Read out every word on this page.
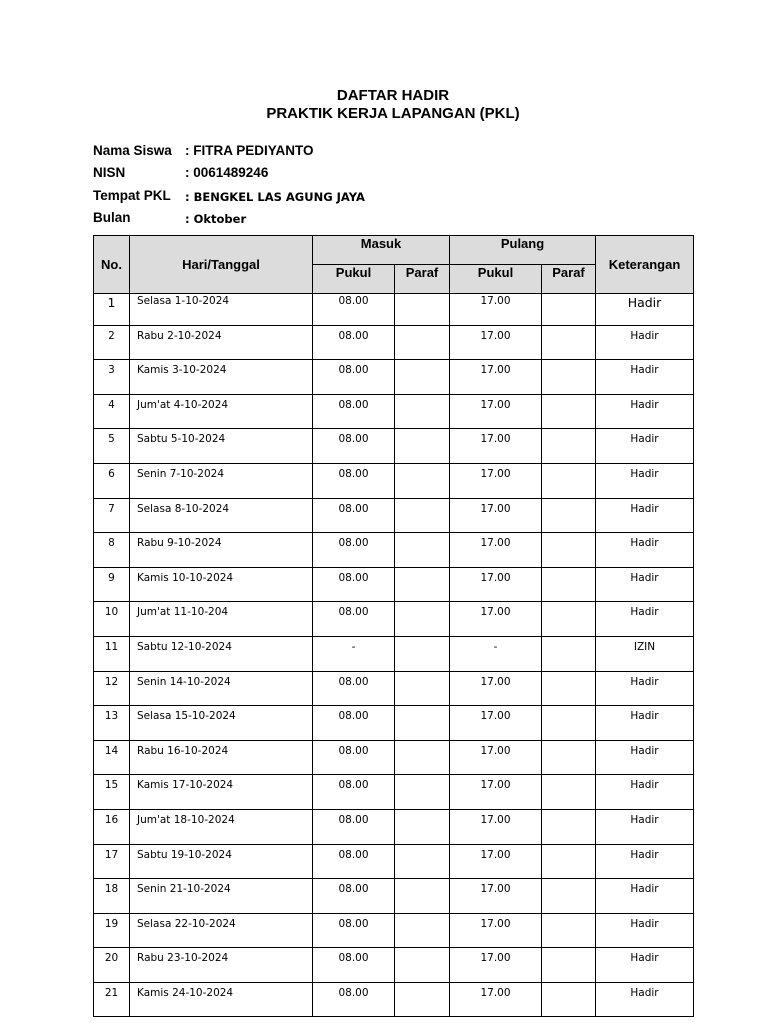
DAFTAR HADIR
PRAKTIK KERJA LAPANGAN (PKL)
Nama Siswa : FITRA PEDIYANTO
NISN	: 0061489246
Tempat PKL : BENGKEL LAS AGUNG JAYA
Bulan	: Oktober
No.	Hari/Tanggal	Masuk		Pulang		Keterangan
		Pukul	Paraf	Pukul	Paraf	
1	Selasa 1-10-2024	08.00		17.00		Hadir
2	Rabu 2-10-2024	08.00		17.00		Hadir
3	Kamis 3-10-2024	08.00		17.00		Hadir
4	Jum'at 4-10-2024	08.00		17.00		Hadir
5	Sabtu 5-10-2024	08.00		17.00		Hadir
6	Senin 7-10-2024	08.00		17.00		Hadir
7	Selasa 8-10-2024	08.00		17.00		Hadir
8	Rabu 9-10-2024	08.00		17.00		Hadir
9	Kamis 10-10-2024	08.00		17.00		Hadir
10	Jum'at 11-10-204	08.00		17.00		Hadir
11	Sabtu 12-10-2024	-		-		IZIN
12	Senin 14-10-2024	08.00		17.00		Hadir
13	Selasa 15-10-2024	08.00		17.00		Hadir
14	Rabu 16-10-2024	08.00		17.00		Hadir
15	Kamis 17-10-2024	08.00		17.00		Hadir
16	Jum'at 18-10-2024	08.00		17.00		Hadir
17	Sabtu 19-10-2024	08.00		17.00		Hadir
18	Senin 21-10-2024	08.00		17.00		Hadir
19	Selasa 22-10-2024	08.00		17.00		Hadir
20	Rabu 23-10-2024	08.00		17.00		Hadir
21	Kamis 24-10-2024	08.00		17.00		Hadir
